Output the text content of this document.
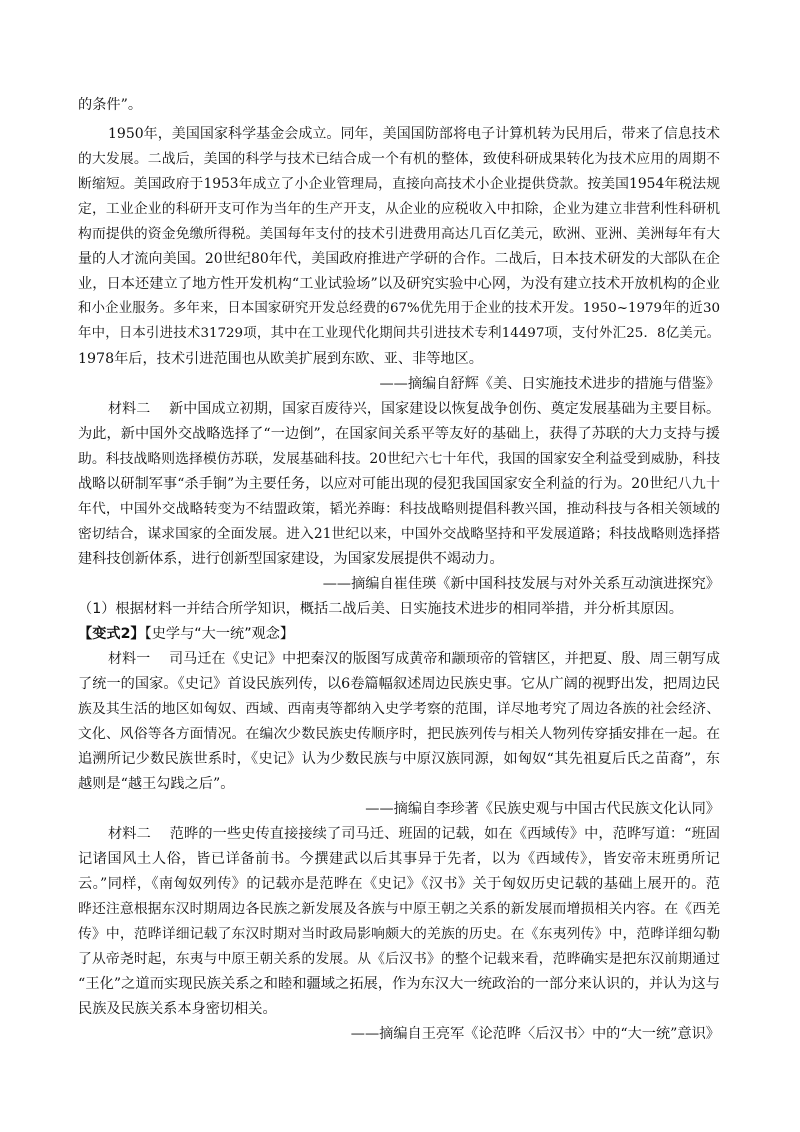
的条件”。
1950年，美国国家科学基金会成立。同年，美国国防部将电子计算机转为民用后，带来了信息技术
的大发展。二战后，美国的科学与技术已结合成一个有机的整体，致使科研成果转化为技术应用的周期不
断缩短。美国政府于1953年成立了小企业管理局，直接向高技术小企业提供贷款。按美国1954年税法规
定，工业企业的科研开支可作为当年的生产开支，从企业的应税收入中扣除，企业为建立非营利性科研机
构而提供的资金免缴所得税。美国每年支付的技术引进费用高达几百亿美元，欧洲、亚洲、美洲每年有大
量的人才流向美国。20世纪80年代，美国政府推进产学研的合作。二战后，日本技术研发的大部队在企
业，日本还建立了地方性开发机构“工业试验场”以及研究实验中心网，为没有建立技术开放机构的企业
和小企业服务。多年来，日本国家研究开发总经费的67%优先用于企业的技术开发。1950~1979年的近30
年中，日本引进技术31729项，其中在工业现代化期间共引进技术专利14497项，支付外汇25．8亿美元。
1978年后，技术引进范围也从欧美扩展到东欧、亚、非等地区。
——摘编自舒辉《美、日实施技术进步的措施与借鉴》
材料二　 新中国成立初期，国家百废待兴，国家建设以恢复战争创伤、奠定发展基础为主要目标。
为此，新中国外交战略选择了“一边倒”，在国家间关系平等友好的基础上，获得了苏联的大力支持与援
助。科技战略则选择模仿苏联，发展基础科技。20世纪六七十年代，我国的国家安全利益受到威胁，科技
战略以研制军事“杀手锏”为主要任务，以应对可能出现的侵犯我国国家安全利益的行为。20世纪八九十
年代，中国外交战略转变为不结盟政策，韬光养晦：科技战略则提倡科教兴国，推动科技与各相关领域的
密切结合，谋求国家的全面发展。进入21世纪以来，中国外交战略坚持和平发展道路；科技战略则选择搭
建科技创新体系，进行创新型国家建设，为国家发展提供不竭动力。
——摘编自崔佳瑛《新中国科技发展与对外关系互动演进探究》
（1）根据材料一并结合所学知识，概括二战后美、日实施技术进步的相同举措，并分析其原因。
【变式2】【史学与“大一统”观念】
材料一　 司马迁在《史记》中把秦汉的版图写成黄帝和颛顼帝的管辖区，并把夏、殷、周三朝写成
了统一的国家。《史记》首设民族列传，以6卷篇幅叙述周边民族史事。它从广阔的视野出发，把周边民
族及其生活的地区如匈奴、西域、西南夷等都纳入史学考察的范围，详尽地考究了周边各族的社会经济、
文化、风俗等各方面情况。在编次少数民族史传顺序时，把民族列传与相关人物列传穿插安排在一起。在
追溯所记少数民族世系时，《史记》认为少数民族与中原汉族同源，如匈奴“其先祖夏后氏之苗裔”，东
越则是“越王勾践之后”。
——摘编自李珍著《民族史观与中国古代民族文化认同》
材料二　 范晔的一些史传直接接续了司马迁、班固的记载，如在《西域传》中，范晔写道：“班固
记诸国风土人俗，皆已详备前书。今撰建武以后其事异于先者，以为《西域传》，皆安帝末班勇所记
云。”同样，《南匈奴列传》的记载亦是范晔在《史记》《汉书》关于匈奴历史记载的基础上展开的。范
晔还注意根据东汉时期周边各民族之新发展及各族与中原王朝之关系的新发展而增损相关内容。在《西羌
传》中，范晔详细记载了东汉时期对当时政局影响颇大的羌族的历史。在《东夷列传》中，范晔详细勾勒
了从帝尧时起，东夷与中原王朝关系的发展。从《后汉书》的整个记载来看，范晔确实是把东汉前期通过
“王化”之道而实现民族关系之和睦和疆域之拓展，作为东汉大一统政治的一部分来认识的，并认为这与
民族及民族关系本身密切相关。
——摘编自王亮军《论范晔〈后汉书〉中的“大一统”意识》
